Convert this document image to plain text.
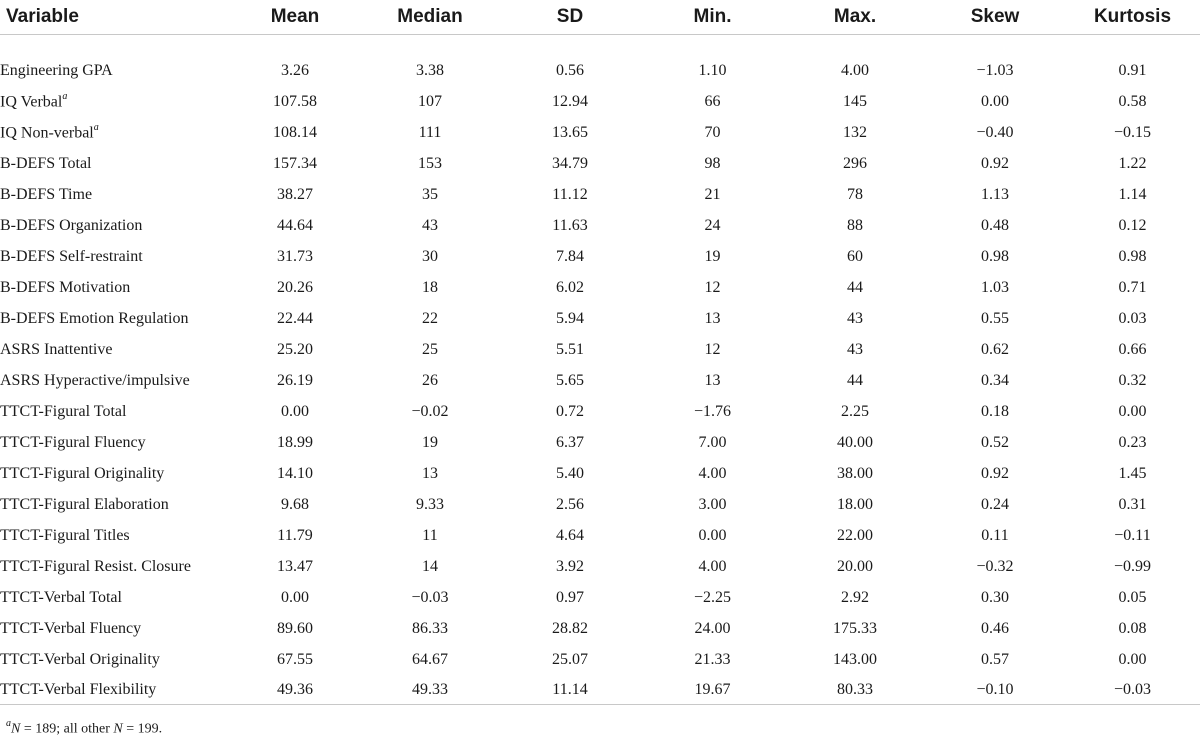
Variable	Mean	Median	SD	Min.	Max.	Skew	Kurtosis

Engineering GPA	3.26	3.38	0.56	1.10	4.00	−1.03	0.91
IQ Verbal$^a$	107.58	107	12.94	66	145	0.00	0.58
IQ Non-verbal$^a$	108.14	111	13.65	70	132	−0.40	−0.15
B-DEFS Total	157.34	153	34.79	98	296	0.92	1.22
B-DEFS Time	38.27	35	11.12	21	78	1.13	1.14
B-DEFS Organization	44.64	43	11.63	24	88	0.48	0.12
B-DEFS Self-restraint	31.73	30	7.84	19	60	0.98	0.98
B-DEFS Motivation	20.26	18	6.02	12	44	1.03	0.71
B-DEFS Emotion Regulation	22.44	22	5.94	13	43	0.55	0.03
ASRS Inattentive	25.20	25	5.51	12	43	0.62	0.66
ASRS Hyperactive/impulsive	26.19	26	5.65	13	44	0.34	0.32
TTCT-Figural Total	0.00	−0.02	0.72	−1.76	2.25	0.18	0.00
TTCT-Figural Fluency	18.99	19	6.37	7.00	40.00	0.52	0.23
TTCT-Figural Originality	14.10	13	5.40	4.00	38.00	0.92	1.45
TTCT-Figural Elaboration	9.68	9.33	2.56	3.00	18.00	0.24	0.31
TTCT-Figural Titles	11.79	11	4.64	0.00	22.00	0.11	−0.11
TTCT-Figural Resist. Closure	13.47	14	3.92	4.00	20.00	−0.32	−0.99
TTCT-Verbal Total	0.00	−0.03	0.97	−2.25	2.92	0.30	0.05
TTCT-Verbal Fluency	89.60	86.33	28.82	24.00	175.33	0.46	0.08
TTCT-Verbal Originality	67.55	64.67	25.07	21.33	143.00	0.57	0.00
TTCT-Verbal Flexibility	49.36	49.33	11.14	19.67	80.33	−0.10	−0.03
$^a$N = 189; all other N = 199.
